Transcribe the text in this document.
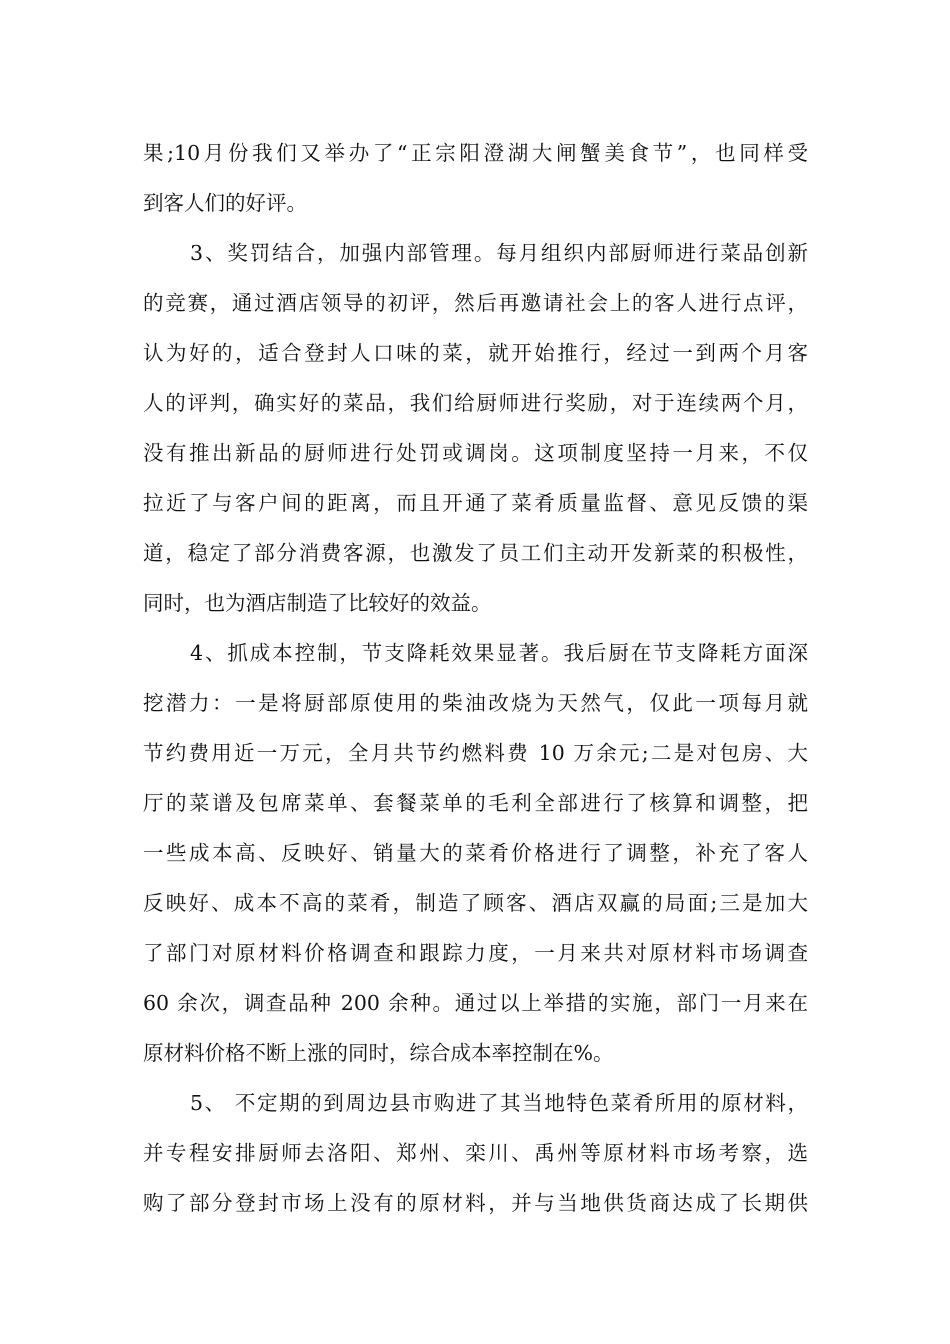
果;10月份我们又举办了“正宗阳澄湖大闸蟹美食节”，也同样受
到客人们的好评。
3、奖罚结合，加强内部管理。每月组织内部厨师进行菜品创新
的竞赛，通过酒店领导的初评，然后再邀请社会上的客人进行点评，
认为好的，适合登封人口味的菜，就开始推行，经过一到两个月客
人的评判，确实好的菜品，我们给厨师进行奖励，对于连续两个月，
没有推出新品的厨师进行处罚或调岗。这项制度坚持一月来，不仅
拉近了与客户间的距离，而且开通了菜肴质量监督、意见反馈的渠
道，稳定了部分消费客源，也激发了员工们主动开发新菜的积极性，
同时，也为酒店制造了比较好的效益。
4、抓成本控制，节支降耗效果显著。我后厨在节支降耗方面深
挖潜力：一是将厨部原使用的柴油改烧为天然气，仅此一项每月就
节约费用近一万元，全月共节约燃料费 10 万余元;二是对包房、大
厅的菜谱及包席菜单、套餐菜单的毛利全部进行了核算和调整，把
一些成本高、反映好、销量大的菜肴价格进行了调整，补充了客人
反映好、成本不高的菜肴，制造了顾客、酒店双赢的局面;三是加大
了部门对原材料价格调查和跟踪力度，一月来共对原材料市场调查
60 余次，调查品种 200 余种。通过以上举措的实施，部门一月来在
原材料价格不断上涨的同时，综合成本率控制在%。
5、 不定期的到周边县市购进了其当地特色菜肴所用的原材料，
并专程安排厨师去洛阳、郑州、栾川、禹州等原材料市场考察，选
购了部分登封市场上没有的原材料，并与当地供货商达成了长期供
